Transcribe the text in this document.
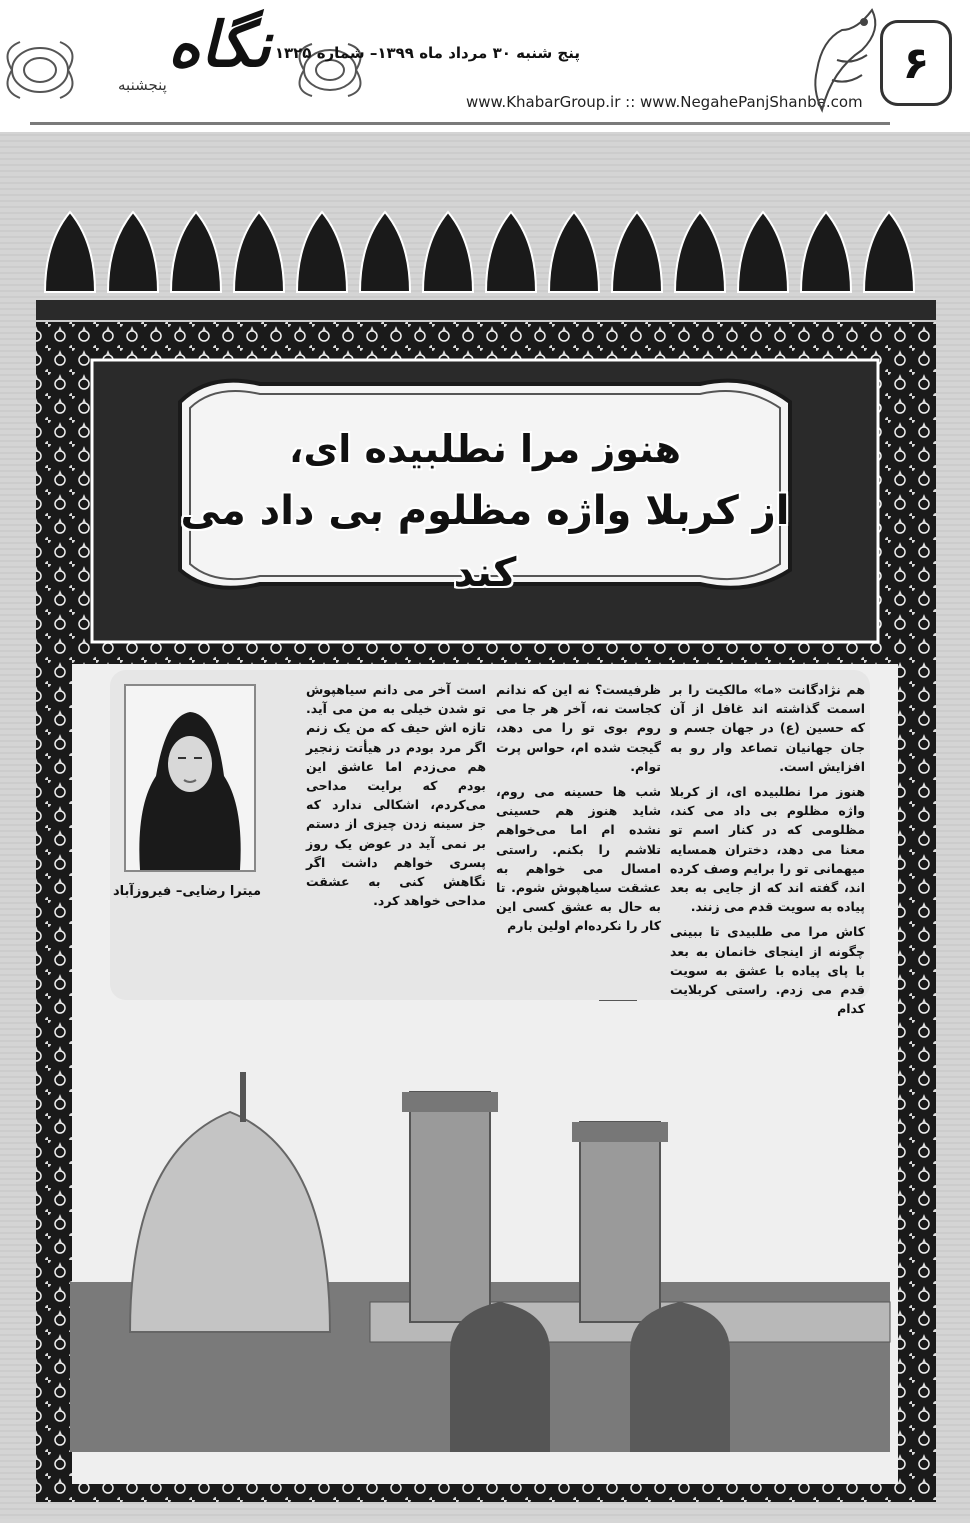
نگاه
پنجشنبه
پنج شنبه ۳۰ مرداد ماه ۱۳۹۹– شماره ۱۳۲۵
www.KhabarGroup.ir :: www.NegahePanjShanbe.com
۶
هنوز مرا نطلبیده ای،
از کربلا واژه مظلوم بی داد می کند

هم نژادگانت «ما» مالکیت را بر اسمت گذاشته اند غافل از آن که حسین (ع) در جهان جسم و جان جهانیان تصاعد وار رو به افزایش است.

هنوز مرا نطلبیده ای، از کربلا واژه مظلوم بی داد می کند، مظلومی که در کنار اسم تو معنا می دهد، دختران همسایه میهمانی تو را برایم وصف کرده اند، گفته اند که از جایی به بعد پیاده به سویت قدم می زنند.

کاش مرا می طلبیدی تا ببینی چگونه از اینجای خانمان به بعد با پای پیاده با عشق به سویت قدم می زدم. راستی کربلایت کدام

ظرفیست؟ نه این که ندانم کجاست نه، آخر هر جا می روم بوی تو را می دهد، گیجت شده ام، حواس پرت توام.

شب ها حسینه می روم، شاید هنوز هم حسینی نشده ام اما می‌خواهم تلاشم را بکنم. راستی امسال می خواهم به عشقت سیاهپوش شوم. تا به حال به عشق کسی این کار را نکرده‌ام اولین بارم

است آخر می دانم سیاهپوش تو شدن خیلی به من می آید. تازه اش حیف که من یک زنم اگر مرد بودم در هیأتت زنجیر هم می‌زدم اما عاشق این بودم که برایت مداحی می‌کردم، اشکالی ندارد که جز سینه زدن چیزی از دستم بر نمی آید در عوض یک روز پسری خواهم داشت اگر نگاهش کنی به عشقت مداحی خواهد کرد.

میترا رضایی– فیروزآباد
